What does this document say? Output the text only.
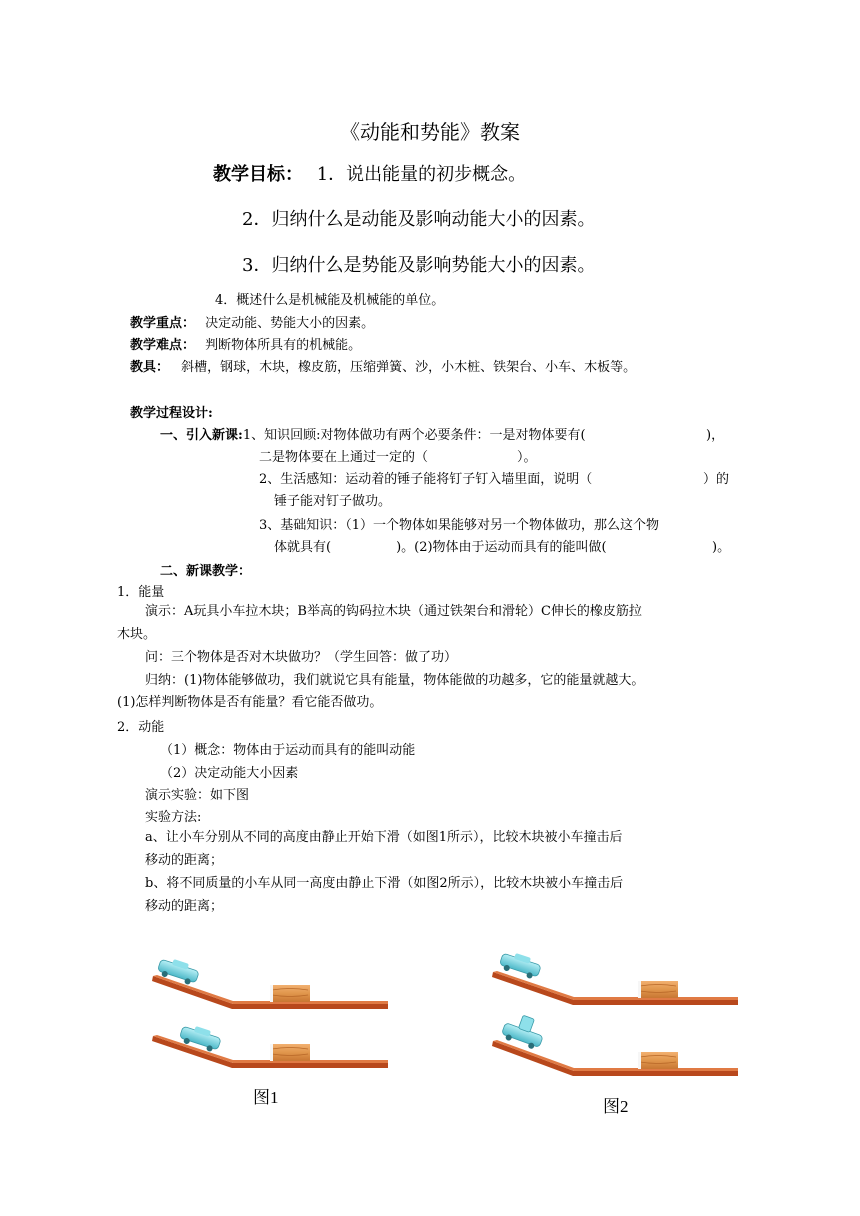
《动能和势能》教案
教学目标： 1．说出能量的初步概念。
2．归纳什么是动能及影响动能大小的因素。
3．归纳什么是势能及影响势能大小的因素。
4．概述什么是机械能及机械能的单位。
教学重点： 决定动能、势能大小的因素。
教学难点： 判断物体所具有的机械能。
教具： 斜槽，钢球，木块，橡皮筋，压缩弹簧、沙，小木桩、铁架台、小车、木板等。
教学过程设计:
一、引入新课:1、知识回顾:对物体做功有两个必要条件：一是对物体要有(	)，
二是物体要在上通过一定的（	）。
2、生活感知：运动着的锤子能将钉子钉入墙里面，说明（	）的
锤子能对钉子做功。
3、基础知识：（1）一个物体如果能够对另一个物体做功，那么这个物
体就具有(　　　　　)。(2)物体由于运动而具有的能叫做(	)。
二、新课教学：
1．能量
演示：A玩具小车拉木块；B举高的钩码拉木块（通过铁架台和滑轮）C伸长的橡皮筋拉
木块。
问：三个物体是否对木块做功？（学生回答：做了功）
归纳：(1)物体能够做功，我们就说它具有能量，物体能做的功越多，它的能量就越大。
(1)怎样判断物体是否有能量？看它能否做功。
2．动能
（1）概念：物体由于运动而具有的能叫动能
（2）决定动能大小因素
演示实验：如下图
实验方法:
a、让小车分别从不同的高度由静止开始下滑（如图1所示），比较木块被小车撞击后
移动的距离；
b、将不同质量的小车从同一高度由静止下滑（如图2所示），比较木块被小车撞击后
移动的距离；
图1	图2
